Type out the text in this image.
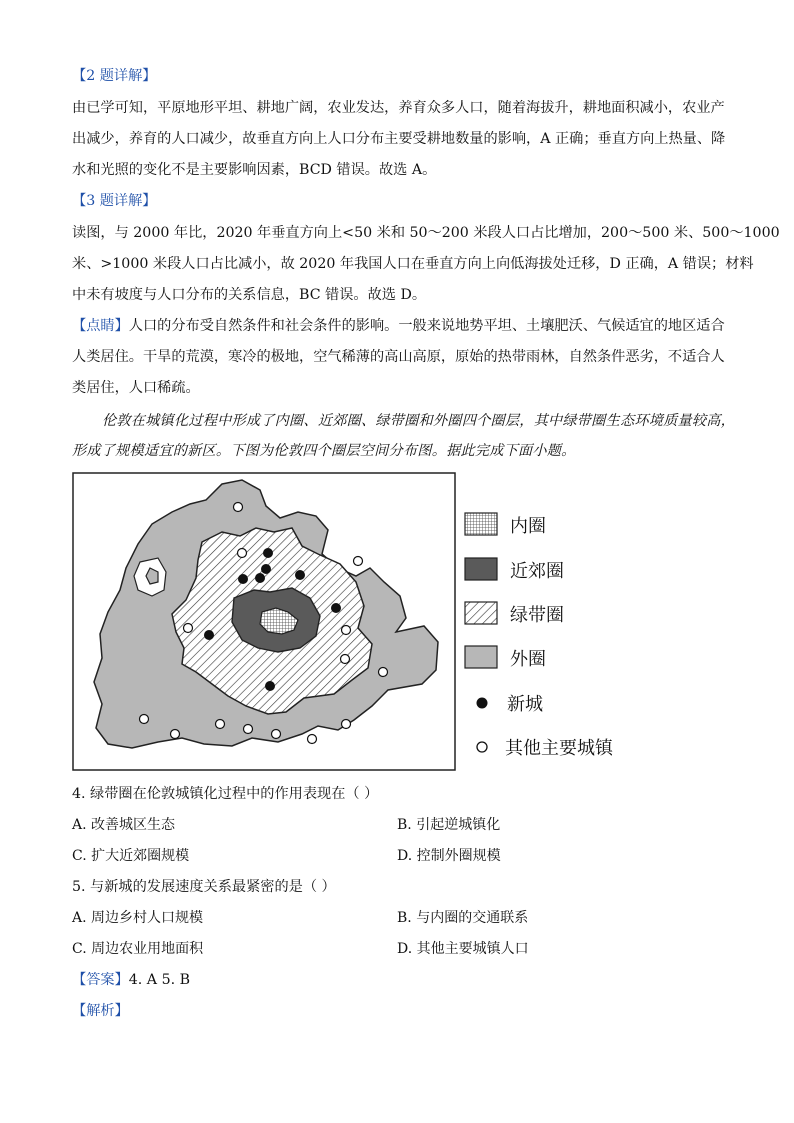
【2 题详解】
由已学可知，平原地形平坦、耕地广阔，农业发达，养育众多人口，随着海拔升，耕地面积减小，农业产
出减少，养育的人口减少，故垂直方向上人口分布主要受耕地数量的影响，A 正确；垂直方向上热量、降
水和光照的变化不是主要影响因素，BCD 错误。故选 A。
【3 题详解】
读图，与 2000 年比，2020 年垂直方向上<50 米和 50～200 米段人口占比增加，200～500 米、500～1000
米、>1000 米段人口占比减小，故 2020 年我国人口在垂直方向上向低海拔处迁移，D 正确，A 错误；材料
中未有坡度与人口分布的关系信息，BC 错误。故选 D。
【点睛】人口的分布受自然条件和社会条件的影响。一般来说地势平坦、土壤肥沃、气候适宜的地区适合
人类居住。干旱的荒漠，寒冷的极地，空气稀薄的高山高原，原始的热带雨林，自然条件恶劣，不适合人
类居住，人口稀疏。
伦敦在城镇化过程中形成了内圈、近郊圈、绿带圈和外圈四个圈层，其中绿带圈生态环境质量较高，
形成了规模适宜的新区。下图为伦敦四个圈层空间分布图。据此完成下面小题。
内圈
近郊圈
绿带圈
外圈
新城
其他主要城镇
4. 绿带圈在伦敦城镇化过程中的作用表现在（ ）
A. 改善城区生态	B. 引起逆城镇化
C. 扩大近郊圈规模	D. 控制外圈规模
5. 与新城的发展速度关系最紧密的是（ ）
A. 周边乡村人口规模	B. 与内圈的交通联系
C. 周边农业用地面积	D. 其他主要城镇人口
【答案】4. A 5. B
【解析】
